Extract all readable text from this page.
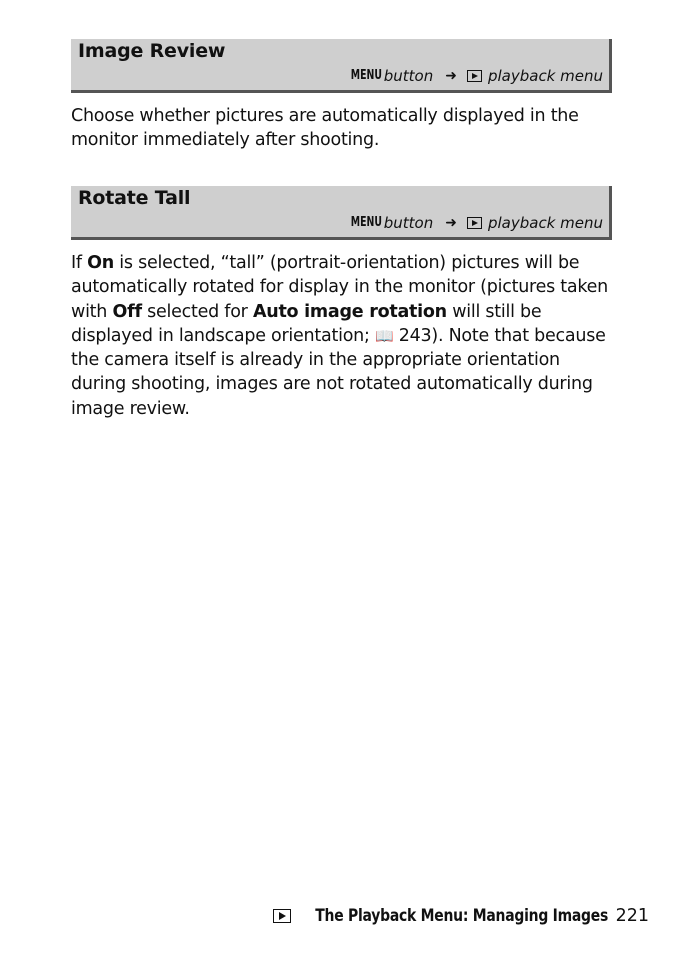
Image Review
MENU button ➜ playback menu
Choose whether pictures are automatically displayed in the monitor immediately after shooting.
Rotate Tall
MENU button ➜ playback menu
If On is selected, “tall” (portrait-orientation) pictures will be automatically rotated for display in the monitor (pictures taken with Off selected for Auto image rotation will still be displayed in landscape orientation; 📖 243). Note that because the camera itself is already in the appropriate orientation during shooting, images are not rotated automatically during image review.
The Playback Menu: Managing Images 221
